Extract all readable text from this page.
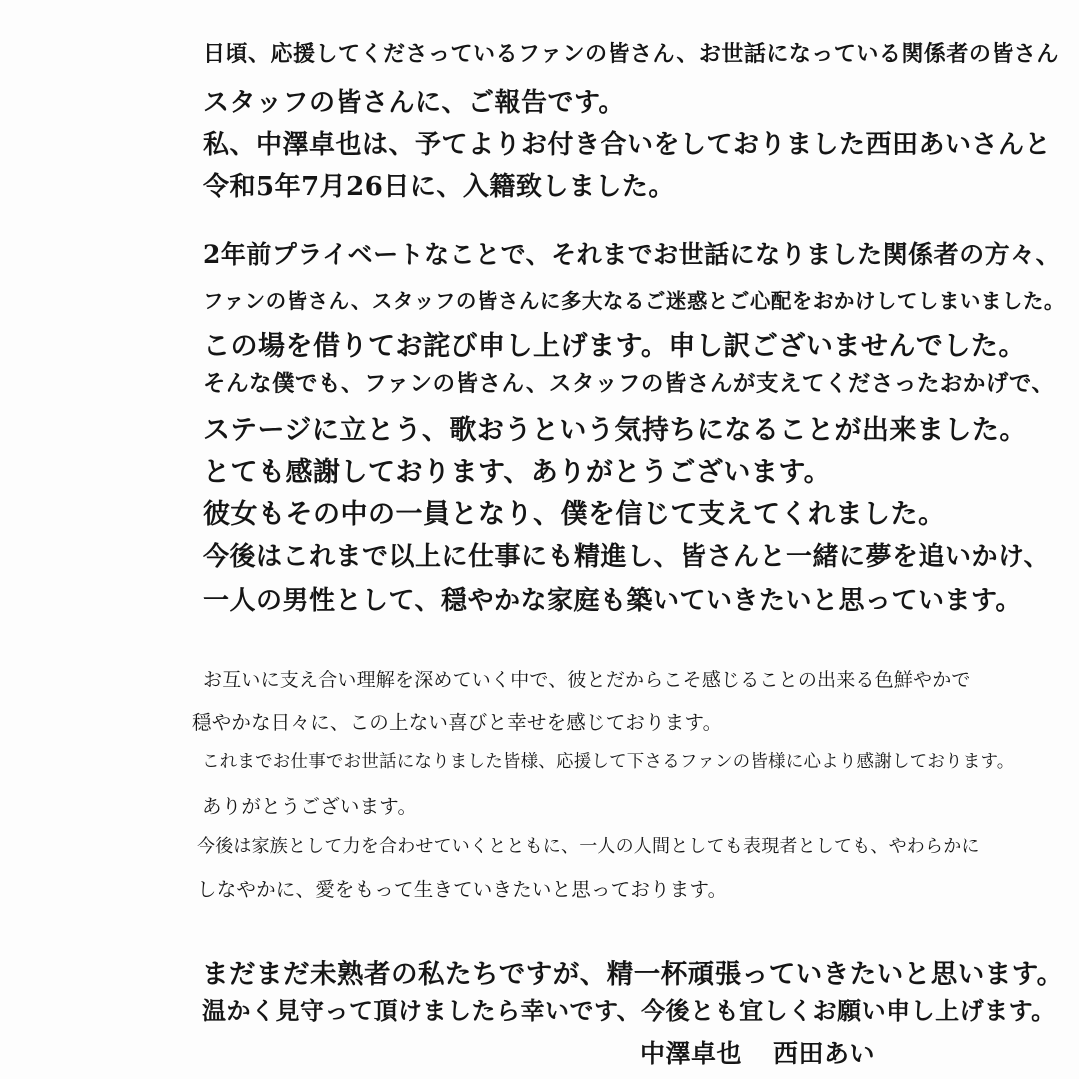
日頃、応援してくださっているファンの皆さん、お世話になっている関係者の皆さん
スタッフの皆さんに、ご報告です。
私、中澤卓也は、予てよりお付き合いをしておりました西田あいさんと
令和5年7月26日に、入籍致しました。
2年前プライベートなことで、それまでお世話になりました関係者の方々、
ファンの皆さん、スタッフの皆さんに多大なるご迷惑とご心配をおかけしてしまいました。
この場を借りてお詫び申し上げます。申し訳ございませんでした。
そんな僕でも、ファンの皆さん、スタッフの皆さんが支えてくださったおかげで、
ステージに立とう、歌おうという気持ちになることが出来ました。
とても感謝しております、ありがとうございます。
彼女もその中の一員となり、僕を信じて支えてくれました。
今後はこれまで以上に仕事にも精進し、皆さんと一緒に夢を追いかけ、
一人の男性として、穏やかな家庭も築いていきたいと思っています。
お互いに支え合い理解を深めていく中で、彼とだからこそ感じることの出来る色鮮やかで
穏やかな日々に、この上ない喜びと幸せを感じております。
これまでお仕事でお世話になりました皆様、応援して下さるファンの皆様に心より感謝しております。
ありがとうございます。
今後は家族として力を合わせていくとともに、一人の人間としても表現者としても、やわらかに
しなやかに、愛をもって生きていきたいと思っております。
まだまだ未熟者の私たちですが、精一杯頑張っていきたいと思います。
温かく見守って頂けましたら幸いです、今後とも宜しくお願い申し上げます。
中澤卓也 西田あい
